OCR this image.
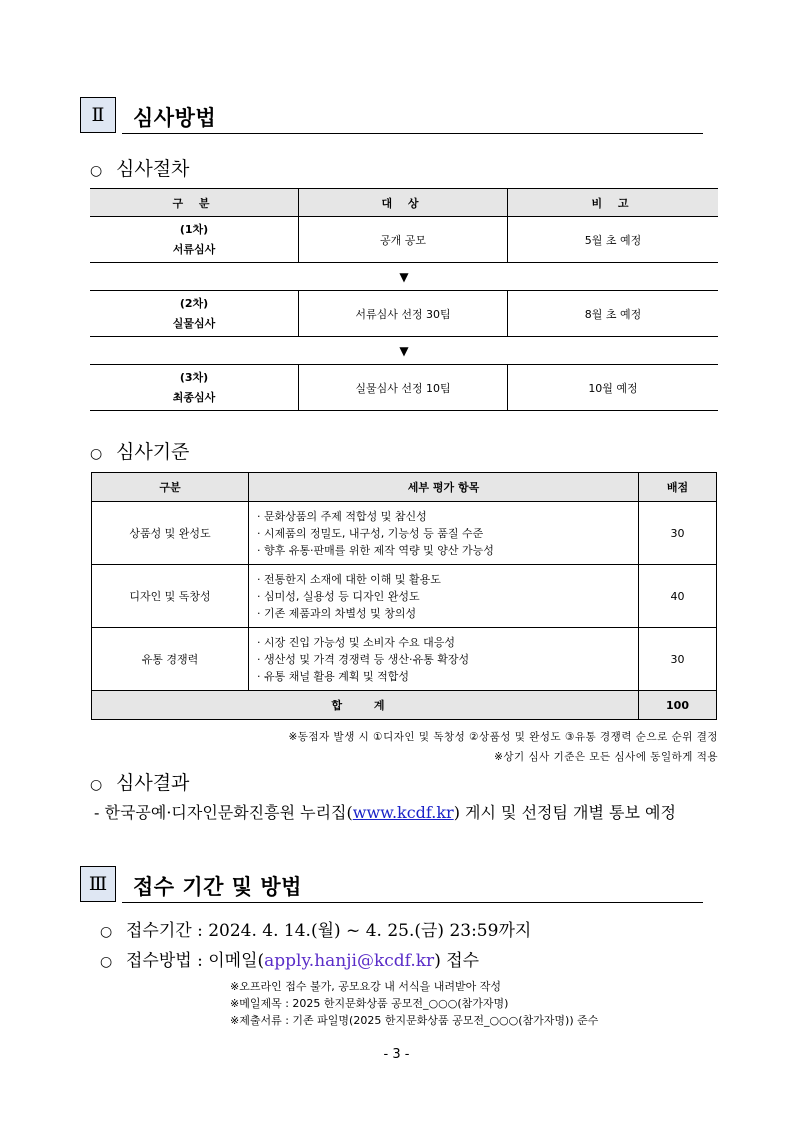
Ⅱ	심사방법
○ 심사절차
구 분	대 상	비 고
(1차)
서류심사	공개 공모	5월 초 예정
▼		
(2차)
실물심사	서류심사 선정 30팀	8월 초 예정
▼		
(3차)
최종심사	실물심사 선정 10팀	10월 예정
○ 심사기준
구분	세부 평가 항목	배점
상품성 및 완성도	· 문화상품의 주제 적합성 및 참신성
· 시제품의 정밀도, 내구성, 기능성 등 품질 수준
· 향후 유통·판매를 위한 제작 역량 및 양산 가능성	30
디자인 및 독창성	· 전통한지 소재에 대한 이해 및 활용도
· 심미성, 실용성 등 디자인 완성도
· 기존 제품과의 차별성 및 창의성	40
유통 경쟁력	· 시장 진입 가능성 및 소비자 수요 대응성
· 생산성 및 가격 경쟁력 등 생산·유통 확장성
· 유통 채널 활용 계획 및 적합성	30
합 계		100
※동점자 발생 시 ①디자인 및 독창성 ②상품성 및 완성도 ③유통 경쟁력 순으로 순위 결정
※상기 심사 기준은 모든 심사에 동일하게 적용
○ 심사결과
- 한국공예·디자인문화진흥원 누리집(www.kcdf.kr) 게시 및 선정팀 개별 통보 예정
Ⅲ	접수 기간 및 방법
○ 접수기간 : 2024. 4. 14.(월) ~ 4. 25.(금) 23:59까지
○ 접수방법 : 이메일(apply.hanji@kcdf.kr) 접수
※오프라인 접수 불가, 공모요강 내 서식을 내려받아 작성
※메일제목 : 2025 한지문화상품 공모전_○○○(참가자명)
※제출서류 : 기존 파일명(2025 한지문화상품 공모전_○○○(참가자명)) 준수
- 3 -
